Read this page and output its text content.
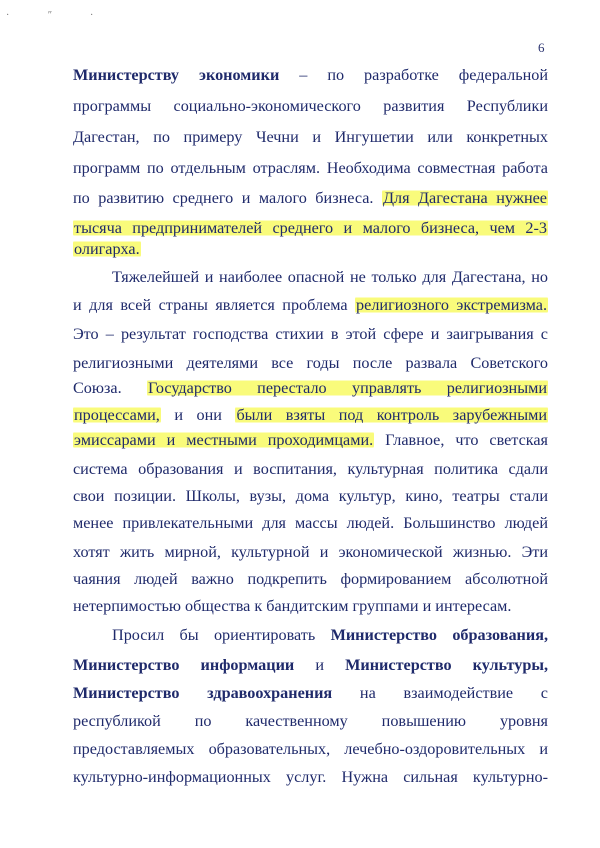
· ʺ ·
6
Министерству экономики – по разработке федеральной
программы социально-экономического развития Республики
Дагестан, по примеру Чечни и Ингушетии или конкретных
программ по отдельным отраслям. Необходима совместная работа
по развитию среднего и малого бизнеса. Для Дагестана нужнее
тысяча предпринимателей среднего и малого бизнеса, чем 2-3
олигарха.
Тяжелейшей и наиболее опасной не только для Дагестана, но
и для всей страны является проблема религиозного экстремизма.
Это – результат господства стихии в этой сфере и заигрывания с
религиозными деятелями все годы после развала Советского
Союза. Государство перестало управлять религиозными
процессами, и они были взяты под контроль зарубежными
эмиссарами и местными проходимцами. Главное, что светская
система образования и воспитания, культурная политика сдали
свои позиции. Школы, вузы, дома культур, кино, театры стали
менее привлекательными для массы людей. Большинство людей
хотят жить мирной, культурной и экономической жизнью. Эти
чаяния людей важно подкрепить формированием абсолютной
нетерпимостью общества к бандитским группами и интересам.
Просил бы ориентировать Министерство образования,
Министерство информации и Министерство культуры,
Министерство здравоохранения на взаимодействие с
республикой по качественному повышению уровня
предоставляемых образовательных, лечебно-оздоровительных и
культурно-информационных услуг. Нужна сильная культурно-
